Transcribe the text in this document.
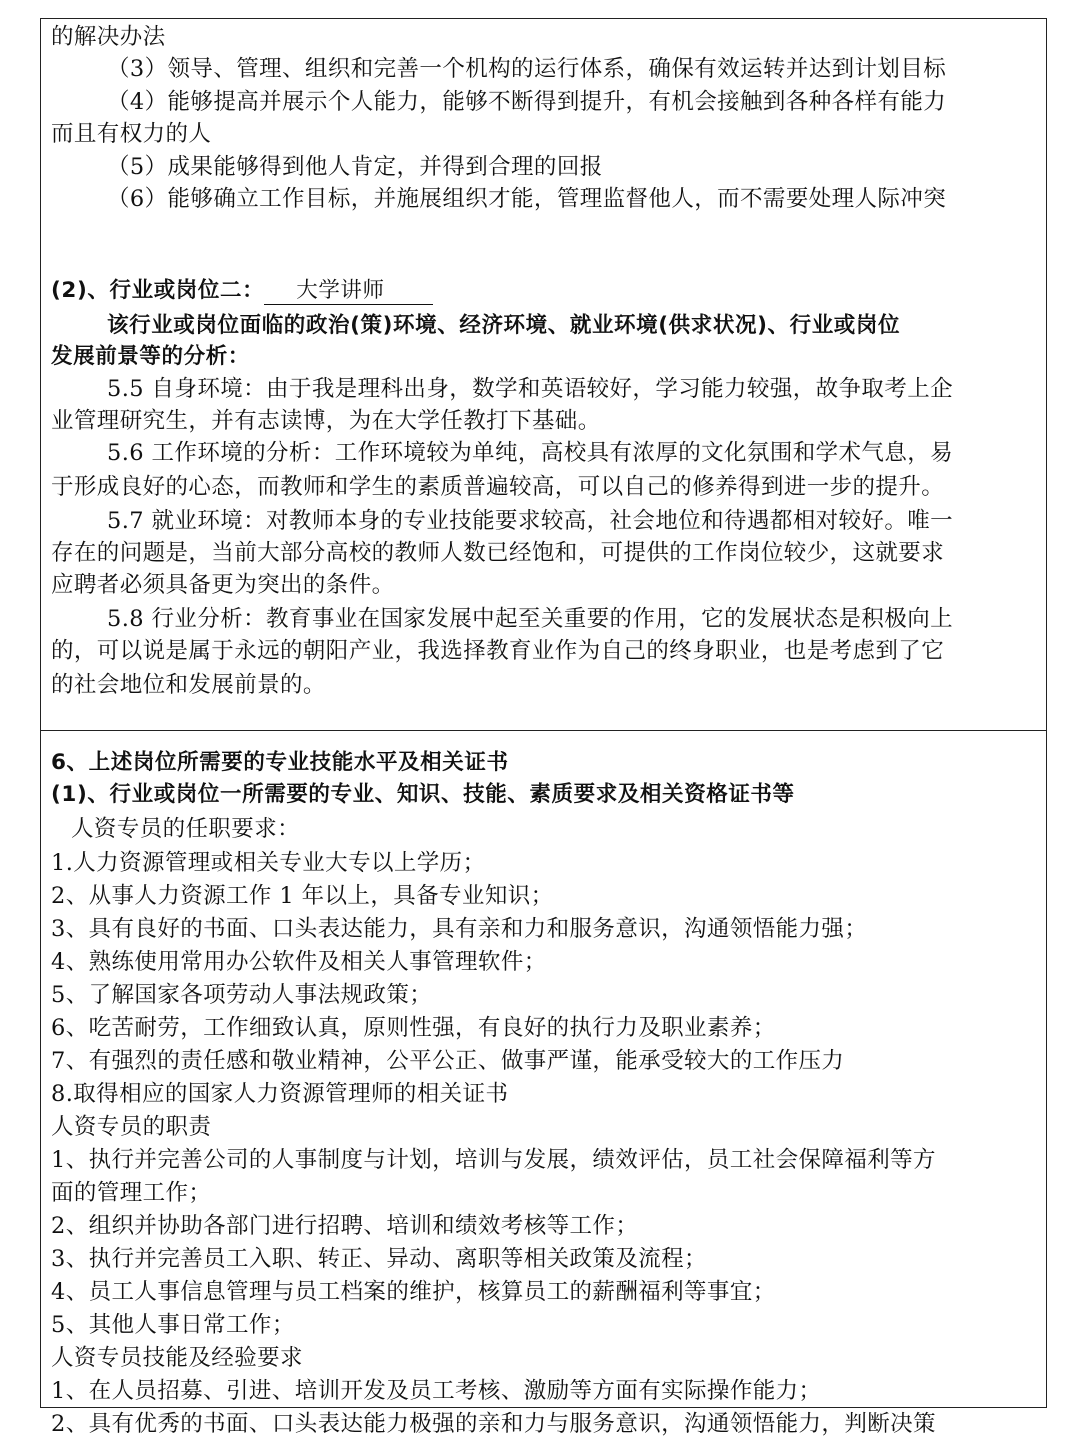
的解决办法
（3）领导、管理、组织和完善一个机构的运行体系，确保有效运转并达到计划目标
（4）能够提高并展示个人能力，能够不断得到提升，有机会接触到各种各样有能力
而且有权力的人
（5）成果能够得到他人肯定，并得到合理的回报
（6）能够确立工作目标，并施展组织才能，管理监督他人，而不需要处理人际冲突
(2)、行业或岗位二： 大学讲师
该行业或岗位面临的政治(策)环境、经济环境、就业环境(供求状况)、行业或岗位
发展前景等的分析：
5.5 自身环境：由于我是理科出身，数学和英语较好，学习能力较强，故争取考上企
业管理研究生，并有志读博，为在大学任教打下基础。
5.6 工作环境的分析：工作环境较为单纯，高校具有浓厚的文化氛围和学术气息，易
于形成良好的心态，而教师和学生的素质普遍较高，可以自己的修养得到进一步的提升。
5.7 就业环境：对教师本身的专业技能要求较高，社会地位和待遇都相对较好。唯一
存在的问题是，当前大部分高校的教师人数已经饱和，可提供的工作岗位较少，这就要求
应聘者必须具备更为突出的条件。
5.8 行业分析：教育事业在国家发展中起至关重要的作用，它的发展状态是积极向上
的，可以说是属于永远的朝阳产业，我选择教育业作为自己的终身职业，也是考虑到了它
的社会地位和发展前景的。
6、上述岗位所需要的专业技能水平及相关证书
(1)、行业或岗位一所需要的专业、知识、技能、素质要求及相关资格证书等
人资专员的任职要求：
1.人力资源管理或相关专业大专以上学历；
2、从事人力资源工作 1 年以上，具备专业知识；
3、具有良好的书面、口头表达能力，具有亲和力和服务意识，沟通领悟能力强；
4、熟练使用常用办公软件及相关人事管理软件；
5、了解国家各项劳动人事法规政策；
6、吃苦耐劳，工作细致认真，原则性强，有良好的执行力及职业素养；
7、有强烈的责任感和敬业精神，公平公正、做事严谨，能承受较大的工作压力
8.取得相应的国家人力资源管理师的相关证书
人资专员的职责
1、执行并完善公司的人事制度与计划，培训与发展，绩效评估，员工社会保障福利等方
面的管理工作；
2、组织并协助各部门进行招聘、培训和绩效考核等工作；
3、执行并完善员工入职、转正、异动、离职等相关政策及流程；
4、员工人事信息管理与员工档案的维护，核算员工的薪酬福利等事宜；
5、其他人事日常工作；
人资专员技能及经验要求
1、在人员招募、引进、培训开发及员工考核、激励等方面有实际操作能力；
2、具有优秀的书面、口头表达能力极强的亲和力与服务意识，沟通领悟能力，判断决策
